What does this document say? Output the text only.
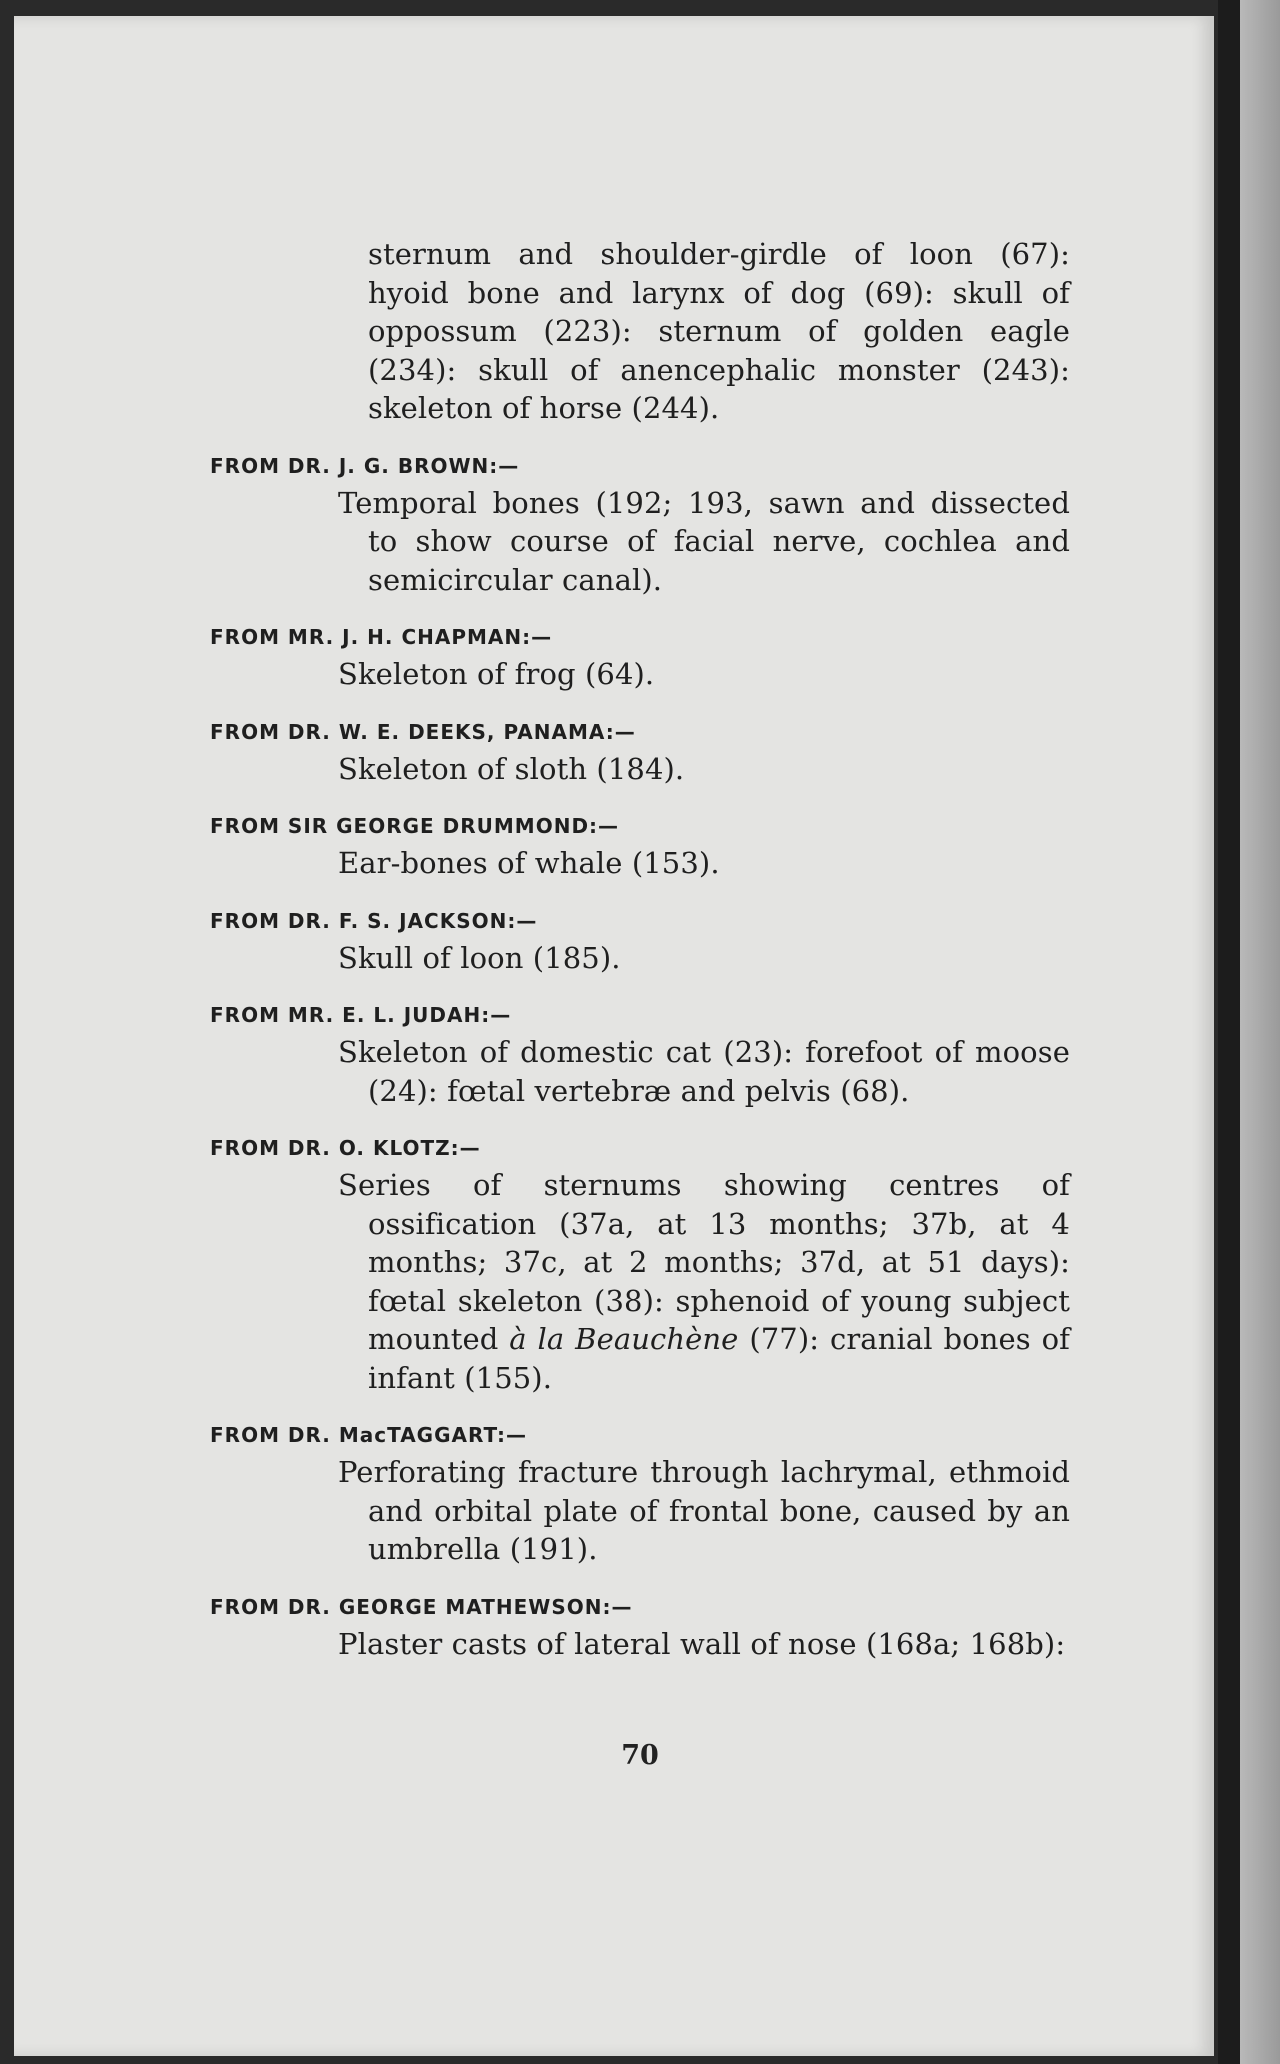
sternum and shoulder-girdle of loon (67): hyoid bone and larynx of dog (69): skull of oppossum (223): sternum of golden eagle (234): skull of anencephalic monster (243): skeleton of horse (244).

FROM DR. J. G. BROWN:—

Temporal bones (192; 193, sawn and dissected to show course of facial nerve, cochlea and semicircular canal).

FROM MR. J. H. CHAPMAN:—

Skeleton of frog (64).

FROM DR. W. E. DEEKS, PANAMA:—

Skeleton of sloth (184).

FROM SIR GEORGE DRUMMOND:—

Ear-bones of whale (153).

FROM DR. F. S. JACKSON:—

Skull of loon (185).

FROM MR. E. L. JUDAH:—

Skeleton of domestic cat (23): forefoot of moose (24): fœtal vertebræ and pelvis (68).

FROM DR. O. KLOTZ:—

Series of sternums showing centres of ossification (37a, at 13 months; 37b, at 4 months; 37c, at 2 months; 37d, at 51 days): fœtal skeleton (38): sphenoid of young subject mounted à la Beauchène (77): cranial bones of infant (155).

FROM DR. MacTAGGART:—

Perforating fracture through lachrymal, ethmoid and orbital plate of frontal bone, caused by an umbrella (191).

FROM DR. GEORGE MATHEWSON:—

Plaster casts of lateral wall of nose (168a; 168b):

70
